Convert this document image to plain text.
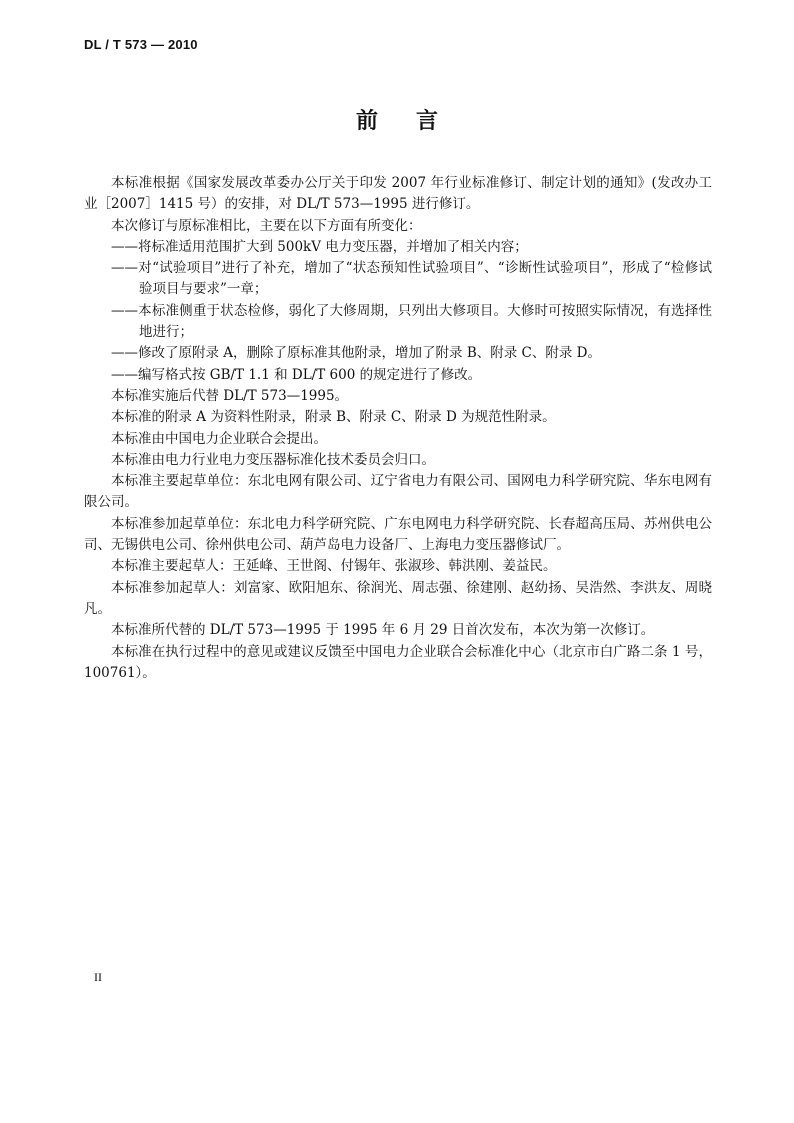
DL / T 573 — 2010
前言

本标准根据《国家发展改革委办公厅关于印发 2007 年行业标准修订、制定计划的通知》(发改办工业［2007］1415 号）的安排，对 DL/T 573—1995 进行修订。

本次修订与原标准相比，主要在以下方面有所变化：

——将标准适用范围扩大到 500kV 电力变压器，并增加了相关内容；

——对“试验项目”进行了补充，增加了“状态预知性试验项目”、“诊断性试验项目”，形成了“检修试验项目与要求”一章；

——本标准侧重于状态检修，弱化了大修周期，只列出大修项目。大修时可按照实际情况，有选择性地进行；

——修改了原附录 A，删除了原标准其他附录，增加了附录 B、附录 C、附录 D。

——编写格式按 GB/T 1.1 和 DL/T 600 的规定进行了修改。

本标准实施后代替 DL/T 573—1995。

本标准的附录 A 为资料性附录，附录 B、附录 C、附录 D 为规范性附录。

本标准由中国电力企业联合会提出。

本标准由电力行业电力变压器标准化技术委员会归口。

本标准主要起草单位：东北电网有限公司、辽宁省电力有限公司、国网电力科学研究院、华东电网有限公司。

本标准参加起草单位：东北电力科学研究院、广东电网电力科学研究院、长春超高压局、苏州供电公司、无锡供电公司、徐州供电公司、葫芦岛电力设备厂、上海电力变压器修试厂。

本标准主要起草人：王延峰、王世阁、付锡年、张淑珍、韩洪刚、姜益民。

本标准参加起草人：刘富家、欧阳旭东、徐润光、周志强、徐建刚、赵幼扬、吴浩然、李洪友、周晓凡。

本标准所代替的 DL/T 573—1995 于 1995 年 6 月 29 日首次发布，本次为第一次修订。

本标准在执行过程中的意见或建议反馈至中国电力企业联合会标准化中心（北京市白广路二条 1 号，100761）。

II
